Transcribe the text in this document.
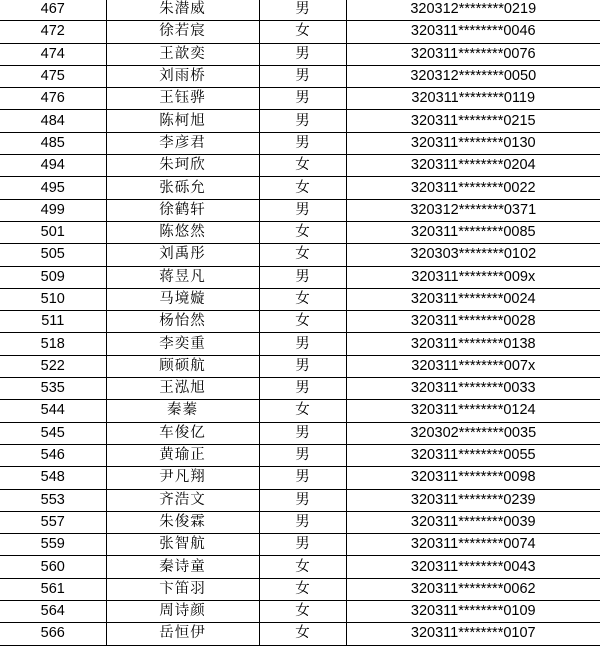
467	朱潜威	男	320312********0219
472	徐若宸	女	320311********0046
474	王歆奕	男	320311********0076
475	刘雨桥	男	320312********0050
476	王钰骅	男	320311********0119
484	陈柯旭	男	320311********0215
485	李彦君	男	320311********0130
494	朱珂欣	女	320311********0204
495	张砾允	女	320311********0022
499	徐鹤轩	男	320312********0371
501	陈悠然	女	320311********0085
505	刘禹彤	女	320303********0102
509	蒋昱凡	男	320311********009x
510	马境嫙	女	320311********0024
511	杨怡然	女	320311********0028
518	李奕重	男	320311********0138
522	顾硕航	男	320311********007x
535	王泓旭	男	320311********0033
544	秦蓁	女	320311********0124
545	车俊亿	男	320302********0035
546	黄瑜正	男	320311********0055
548	尹凡翔	男	320311********0098
553	齐浩文	男	320311********0239
557	朱俊霖	男	320311********0039
559	张智航	男	320311********0074
560	秦诗童	女	320311********0043
561	卞笛羽	女	320311********0062
564	周诗颜	女	320311********0109
566	岳恒伊	女	320311********0107
